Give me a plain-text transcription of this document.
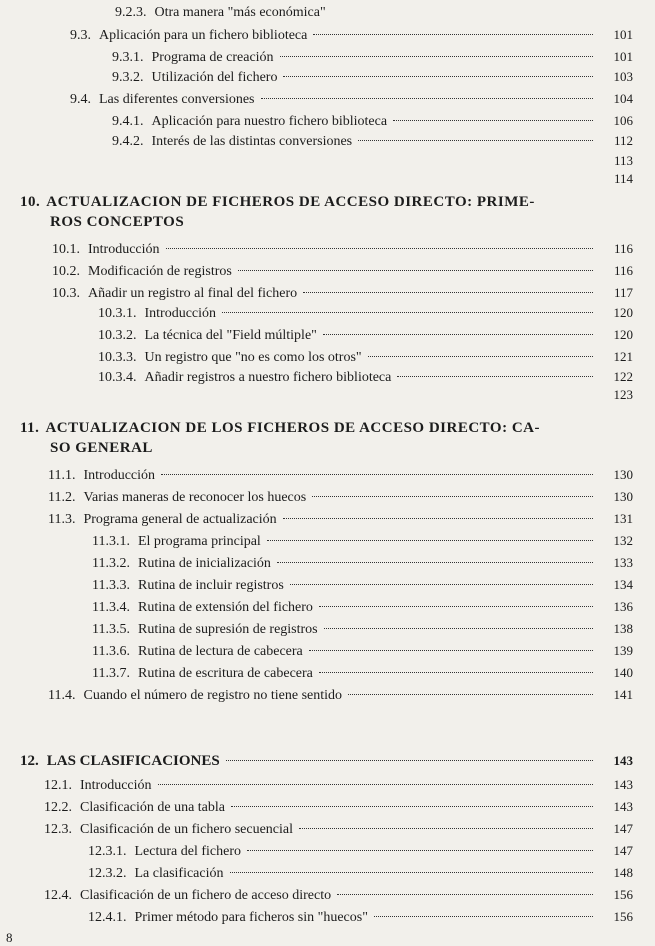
9.2.3. Otra manera "más económica"
9.3. Aplicación para un fichero biblioteca	101
9.3.1. Programa de creación	101
9.3.2. Utilización del fichero	103
9.4. Las diferentes conversiones	104
9.4.1. Aplicación para nuestro fichero biblioteca	106
9.4.2. Interés de las distintas conversiones	112
113
114
10. ACTUALIZACION DE FICHEROS DE ACCESO DIRECTO: PRIME-
ROS CONCEPTOS
10.1. Introducción	116
10.2. Modificación de registros	116
10.3. Añadir un registro al final del fichero	117
10.3.1. Introducción	120
10.3.2. La técnica del "Field múltiple"	120
10.3.3. Un registro que "no es como los otros"	121
10.3.4. Añadir registros a nuestro fichero biblioteca	122
123
11. ACTUALIZACION DE LOS FICHEROS DE ACCESO DIRECTO: CA-
SO GENERAL
11.1. Introducción	130
11.2. Varias maneras de reconocer los huecos	130
11.3. Programa general de actualización	131
11.3.1. El programa principal	132
11.3.2. Rutina de inicialización	133
11.3.3. Rutina de incluir registros	134
11.3.4. Rutina de extensión del fichero	136
11.3.5. Rutina de supresión de registros	138
11.3.6. Rutina de lectura de cabecera	139
11.3.7. Rutina de escritura de cabecera	140
11.4. Cuando el número de registro no tiene sentido	141
12. LAS CLASIFICACIONES	143
12.1. Introducción	143
12.2. Clasificación de una tabla	143
12.3. Clasificación de un fichero secuencial	147
12.3.1. Lectura del fichero	147
12.3.2. La clasificación	148
12.4. Clasificación de un fichero de acceso directo	156
12.4.1. Primer método para ficheros sin "huecos"	156
8
